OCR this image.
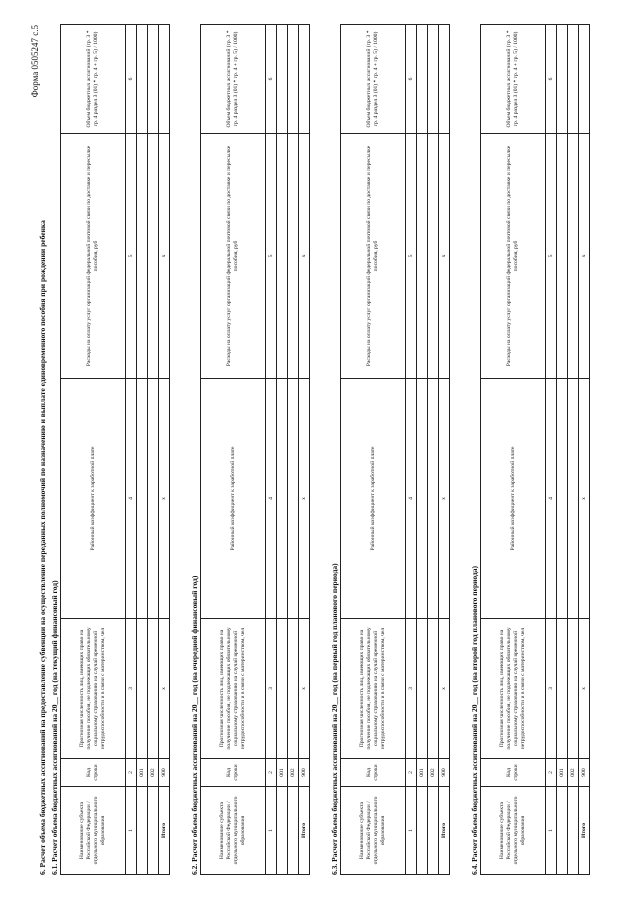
Форма 0505247 с.5
6. Расчет объема бюджетных ассигнований на предоставление субвенции на осуществление переданных полномочий по назначению и выплате единовременного пособия при рождении ребенка 6.1. Расчет объема бюджетных ассигнований на 20__ год (на текущий финансовый год)	Наименование субъекта Российской Федерации / отдельного муниципального образования	Код строки	Прогнозная численность лиц, имеющих право на получение пособия, не подлежащих обязательному социальному страхованию на случай временной нетрудоспособности и в связи с материнством, чел	Районный коэффициент к заработной плате	Расходы на оплату услуг организаций федеральной почтовой связи по доставке и пересылке пособия, руб	Объем бюджетных ассигнований (гр. 3 * гр. 4 раздел 3 (01) * гр. 4 + гр. 5) / 1000)
1	2	3	4	5	6
	001				
	002				
Итого	900	x	x	x	
6.2. Расчет объема бюджетных ассигнований на 20__ год (на очередной финансовый год)	Наименование субъекта Российской Федерации / отдельного муниципального образования	Код строки	Прогнозная численность лиц, имеющих право на получение пособия, не подлежащих обязательному социальному страхованию на случай временной нетрудоспособности и в связи с материнством, чел	Районный коэффициент к заработной плате	Расходы на оплату услуг организаций федеральной почтовой связи по доставке и пересылке пособия, руб	Объем бюджетных ассигнований (гр. 3 * гр. 4 раздел 3 (01) * гр. 4 + гр. 5) / 1000)
1	2	3	4	5	6
	001				
	002				
Итого	900	x	x	x	
6.3. Расчет объема бюджетных ассигнований на 20__ год (на первый год планового периода)	Наименование субъекта Российской Федерации / отдельного муниципального образования	Код строки	Прогнозная численность лиц, имеющих право на получение пособия, не подлежащих обязательному социальному страхованию на случай временной нетрудоспособности и в связи с материнством, чел	Районный коэффициент к заработной плате	Расходы на оплату услуг организаций федеральной почтовой связи по доставке и пересылке пособия, руб	Объем бюджетных ассигнований (гр. 3 * гр. 4 раздел 3 (01) * гр. 4 + гр. 5) / 1000)
1	2	3	4	5	6
	001				
	002				
Итого	900	x	x	x	
6.4. Расчет объема бюджетных ассигнований на 20__ год (на второй год планового периода)	Наименование субъекта Российской Федерации / отдельного муниципального образования	Код строки	Прогнозная численность лиц, имеющих право на получение пособия, не подлежащих обязательному социальному страхованию на случай временной нетрудоспособности и в связи с материнством, чел	Районный коэффициент к заработной плате	Расходы на оплату услуг организаций федеральной почтовой связи по доставке и пересылке пособия, руб	Объем бюджетных ассигнований (гр. 3 * гр. 4 раздел 3 (01) * гр. 4 + гр. 5) / 1000)
1	2	3	4	5	6
	001				
	002				
Итого	900	x	x	x	
